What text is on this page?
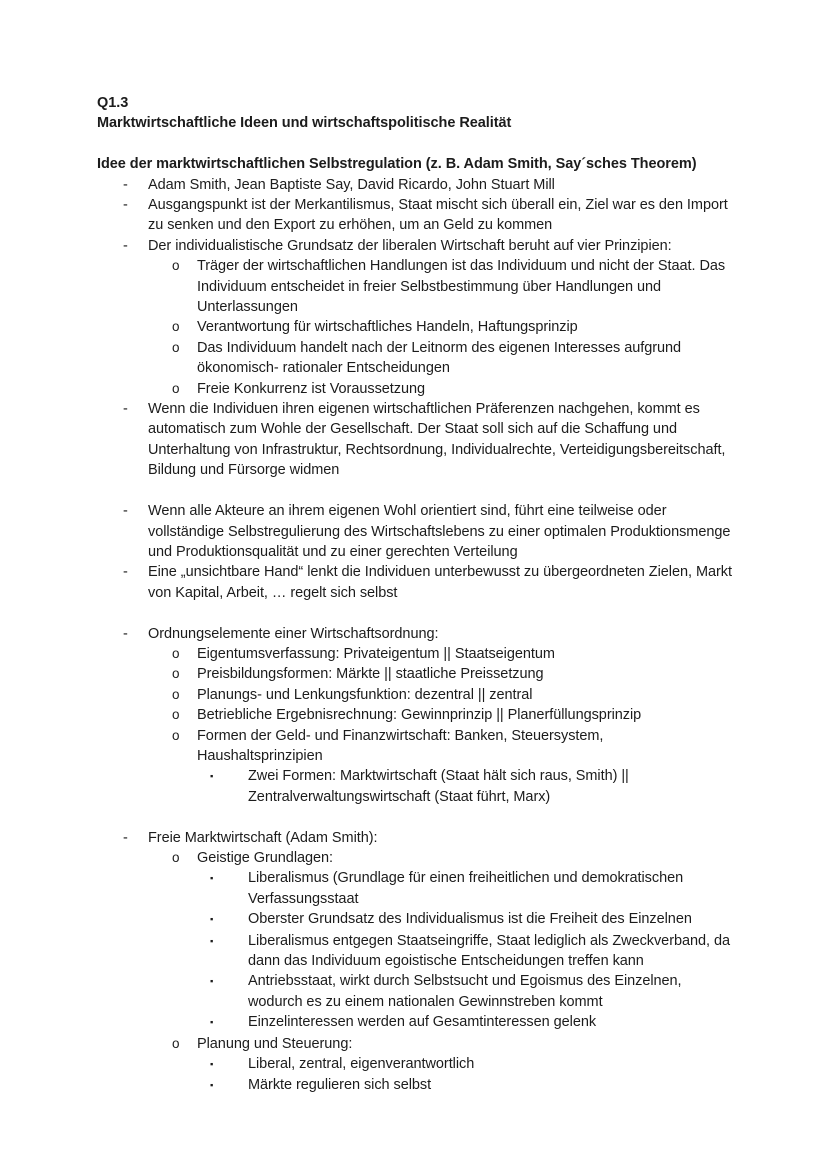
Q1.3
Marktwirtschaftliche Ideen und wirtschaftspolitische Realität
Idee der marktwirtschaftlichen Selbstregulation (z. B. Adam Smith, Say´sches Theorem)
-	Adam Smith, Jean Baptiste Say, David Ricardo, John Stuart Mill
-	Ausgangspunkt ist der Merkantilismus, Staat mischt sich überall ein, Ziel war es den Import zu senken und den Export zu erhöhen, um an Geld zu kommen
-	Der individualistische Grundsatz der liberalen Wirtschaft beruht auf vier Prinzipien:
o	Träger der wirtschaftlichen Handlungen ist das Individuum und nicht der Staat. Das Individuum entscheidet in freier Selbstbestimmung über Handlungen und Unterlassungen
o	Verantwortung für wirtschaftliches Handeln, Haftungsprinzip
o	Das Individuum handelt nach der Leitnorm des eigenen Interesses aufgrund ökonomisch- rationaler Entscheidungen
o	Freie Konkurrenz ist Voraussetzung
-	Wenn die Individuen ihren eigenen wirtschaftlichen Präferenzen nachgehen, kommt es automatisch zum Wohle der Gesellschaft. Der Staat soll sich auf die Schaffung und Unterhaltung von Infrastruktur, Rechtsordnung, Individualrechte, Verteidigungsbereitschaft, Bildung und Fürsorge widmen
-	Wenn alle Akteure an ihrem eigenen Wohl orientiert sind, führt eine teilweise oder vollständige Selbstregulierung des Wirtschaftslebens zu einer optimalen Produktionsmenge und Produktionsqualität und zu einer gerechten Verteilung
-	Eine „unsichtbare Hand“ lenkt die Individuen unterbewusst zu übergeordneten Zielen, Markt von Kapital, Arbeit, … regelt sich selbst
-	Ordnungselemente einer Wirtschaftsordnung:
o	Eigentumsverfassung: Privateigentum || Staatseigentum
o	Preisbildungsformen: Märkte || staatliche Preissetzung
o	Planungs- und Lenkungsfunktion: dezentral || zentral
o	Betriebliche Ergebnisrechnung: Gewinnprinzip || Planerfüllungsprinzip
o	Formen der Geld- und Finanzwirtschaft: Banken, Steuersystem, Haushaltsprinzipien
▪	Zwei Formen: Marktwirtschaft (Staat hält sich raus, Smith) || Zentralverwaltungswirtschaft (Staat führt, Marx)
-	Freie Marktwirtschaft (Adam Smith):
o	Geistige Grundlagen:
▪	Liberalismus (Grundlage für einen freiheitlichen und demokratischen Verfassungsstaat
▪	Oberster Grundsatz des Individualismus ist die Freiheit des Einzelnen
▪	Liberalismus entgegen Staatseingriffe, Staat lediglich als Zweckverband, da dann das Individuum egoistische Entscheidungen treffen kann
▪	Antriebsstaat, wirkt durch Selbstsucht und Egoismus des Einzelnen, wodurch es zu einem nationalen Gewinnstreben kommt
▪	Einzelinteressen werden auf Gesamtinteressen gelenk
o	Planung und Steuerung:
▪	Liberal, zentral, eigenverantwortlich
▪	Märkte regulieren sich selbst
